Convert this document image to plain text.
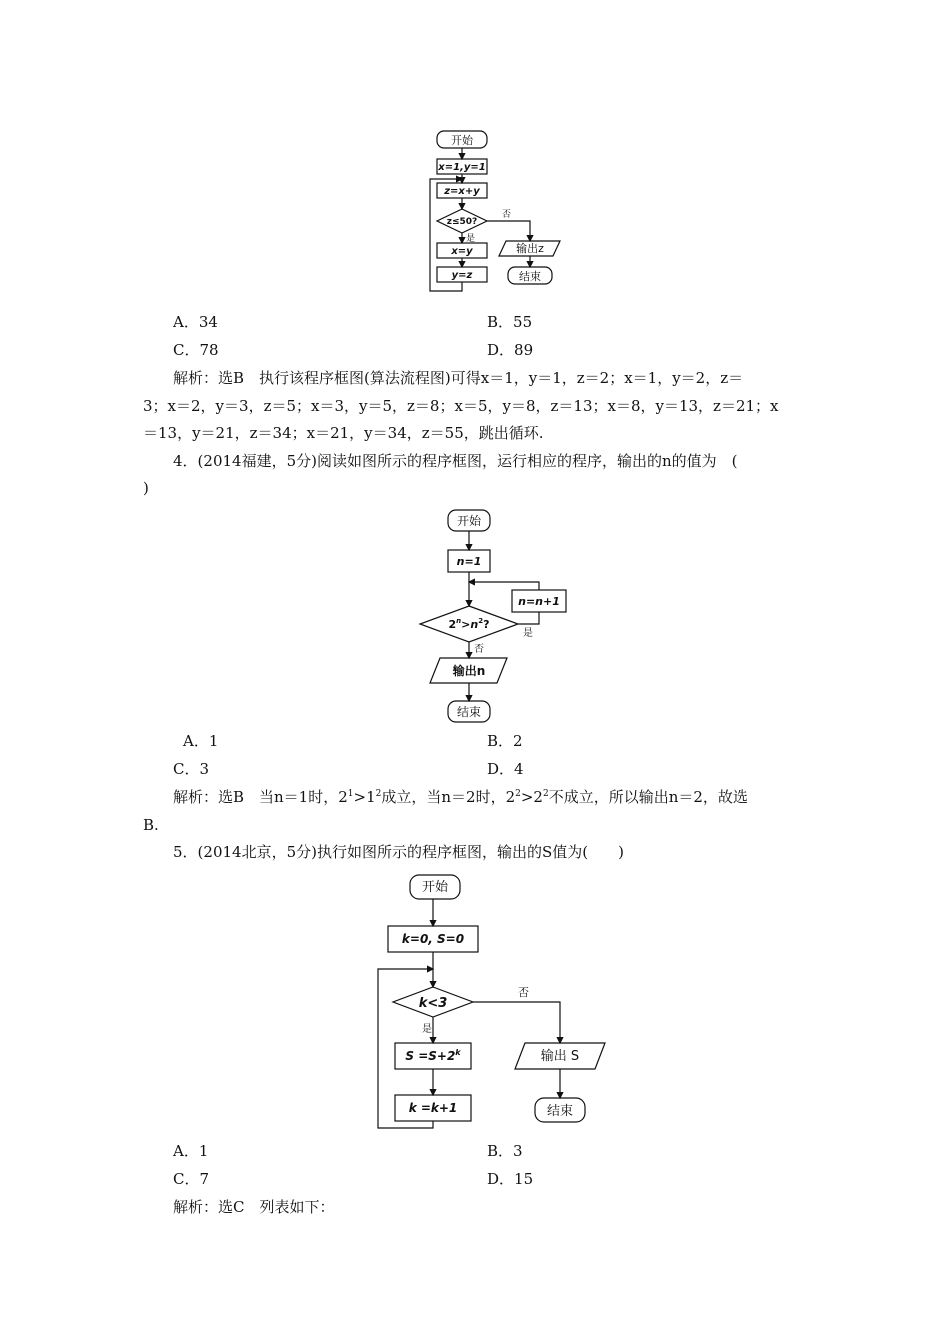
开始
x=1,y=1
z=x+y
z≤50?
是
否
x=y
y=z
输出z
结束
A．34	B．55
C．78	D．89
解析：选B　执行该程序框图(算法流程图)可得x＝1，y＝1，z＝2；x＝1，y＝2，z＝
3；x＝2，y＝3，z＝5；x＝3，y＝5，z＝8；x＝5，y＝8，z＝13；x＝8，y＝13，z＝21；x
＝13，y＝21，z＝34；x＝21，y＝34，z＝55，跳出循环.
4．(2014福建，5分)阅读如图所示的程序框图，运行相应的程序，输出的n的值为　(
)
开始
n=1
n=n+1
$2^n>n^2$?
是
否
输出n
结束
A．1	B．2
C．3	D．4
解析：选B　当n＝1时，$2^1>1^2$成立，当n＝2时，$2^2>2^2$不成立，所以输出n＝2，故选
B.
5．(2014北京，5分)执行如图所示的程序框图，输出的S值为(　　)
开始
k=0, S=0
k<3
是
否
$S =S+2^k$
k =k+1
输出 S
结束
A．1	B．3
C．7	D．15
解析：选C　列表如下：
